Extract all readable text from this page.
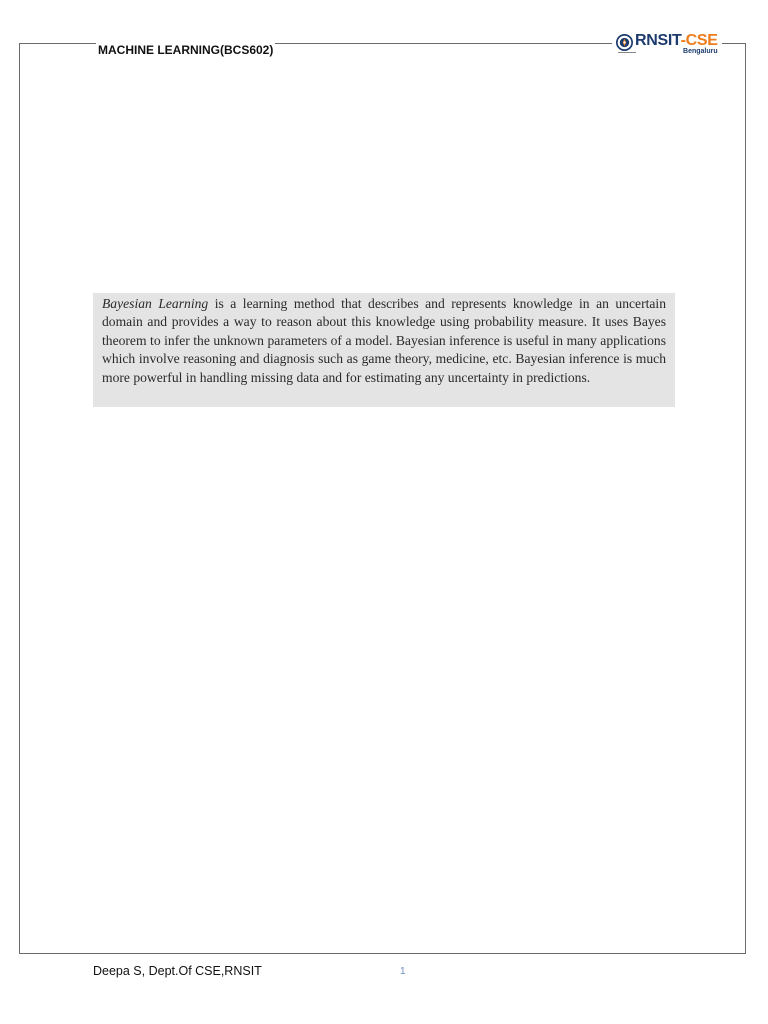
MACHINE LEARNING(BCS602)
RNSIT-CSE
Bengaluru
Bayesian Learning is a learning method that describes and represents knowledge in an uncertain domain and provides a way to reason about this knowledge using probability measure. It uses Bayes theorem to infer the unknown parameters of a model. Bayesian inference is useful in many applications which involve reasoning and diagnosis such as game theory, medicine, etc. Bayesian inference is much more powerful in handling missing data and for estimating any uncertainty in predictions.
Deepa S, Dept.Of CSE,RNSIT	1
